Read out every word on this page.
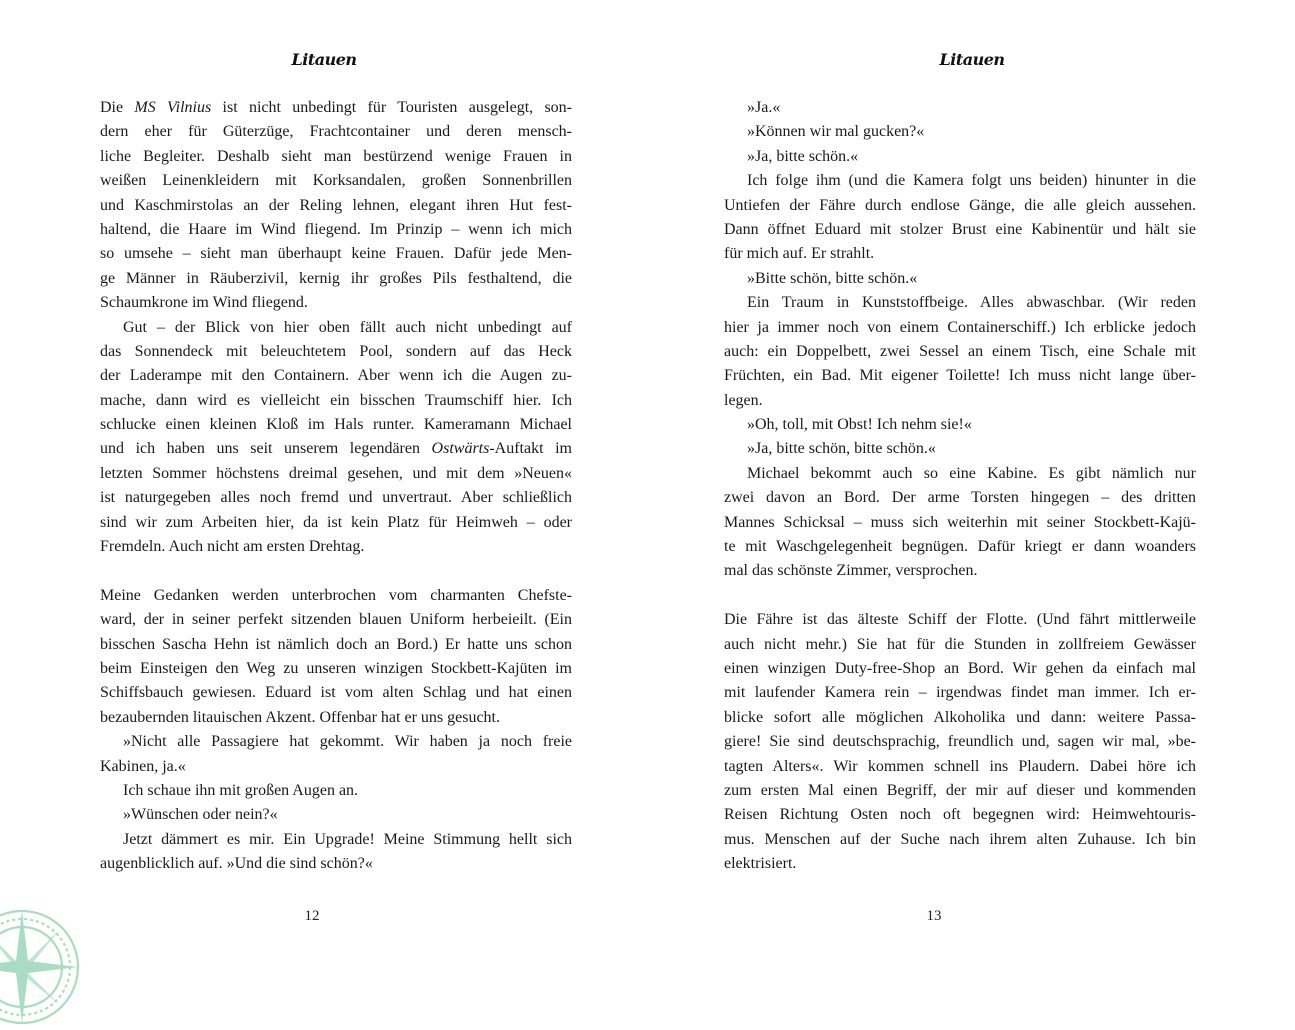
Litauen
Die MS Vilnius ist nicht unbedingt für Touristen ausgelegt, son-
dern eher für Güterzüge, Frachtcontainer und deren mensch-
liche Begleiter. Deshalb sieht man bestürzend wenige Frauen in
weißen Leinenkleidern mit Korksandalen, großen Sonnenbrillen
und Kaschmirstolas an der Reling lehnen, elegant ihren Hut fest-
haltend, die Haare im Wind fliegend. Im Prinzip – wenn ich mich
so umsehe – sieht man überhaupt keine Frauen. Dafür jede Men-
ge Männer in Räuberzivil, kernig ihr großes Pils festhaltend, die
Schaumkrone im Wind fliegend.
Gut – der Blick von hier oben fällt auch nicht unbedingt auf
das Sonnendeck mit beleuchtetem Pool, sondern auf das Heck
der Laderampe mit den Containern. Aber wenn ich die Augen zu-
mache, dann wird es vielleicht ein bisschen Traumschiff hier. Ich
schlucke einen kleinen Kloß im Hals runter. Kameramann Michael
und ich haben uns seit unserem legendären Ostwärts-Auftakt im
letzten Sommer höchstens dreimal gesehen, und mit dem »Neuen«
ist naturgegeben alles noch fremd und unvertraut. Aber schließlich
sind wir zum Arbeiten hier, da ist kein Platz für Heimweh – oder
Fremdeln. Auch nicht am ersten Drehtag.
Meine Gedanken werden unterbrochen vom charmanten Chefste-
ward, der in seiner perfekt sitzenden blauen Uniform herbeieilt. (Ein
bisschen Sascha Hehn ist nämlich doch an Bord.) Er hatte uns schon
beim Einsteigen den Weg zu unseren winzigen Stockbett-Kajüten im
Schiffsbauch gewiesen. Eduard ist vom alten Schlag und hat einen
bezaubernden litauischen Akzent. Offenbar hat er uns gesucht.
»Nicht alle Passagiere hat gekommt. Wir haben ja noch freie
Kabinen, ja.«
Ich schaue ihn mit großen Augen an.
»Wünschen oder nein?«
Jetzt dämmert es mir. Ein Upgrade! Meine Stimmung hellt sich
augenblicklich auf. »Und die sind schön?«
12
Litauen
»Ja.«
»Können wir mal gucken?«
»Ja, bitte schön.«
Ich folge ihm (und die Kamera folgt uns beiden) hinunter in die
Untiefen der Fähre durch endlose Gänge, die alle gleich aussehen.
Dann öffnet Eduard mit stolzer Brust eine Kabinentür und hält sie
für mich auf. Er strahlt.
»Bitte schön, bitte schön.«
Ein Traum in Kunststoffbeige. Alles abwaschbar. (Wir reden
hier ja immer noch von einem Containerschiff.) Ich erblicke jedoch
auch: ein Doppelbett, zwei Sessel an einem Tisch, eine Schale mit
Früchten, ein Bad. Mit eigener Toilette! Ich muss nicht lange über-
legen.
»Oh, toll, mit Obst! Ich nehm sie!«
»Ja, bitte schön, bitte schön.«
Michael bekommt auch so eine Kabine. Es gibt nämlich nur
zwei davon an Bord. Der arme Torsten hingegen – des dritten
Mannes Schicksal – muss sich weiterhin mit seiner Stockbett-Kajü-
te mit Waschgelegenheit begnügen. Dafür kriegt er dann woanders
mal das schönste Zimmer, versprochen.
Die Fähre ist das älteste Schiff der Flotte. (Und fährt mittlerweile
auch nicht mehr.) Sie hat für die Stunden in zollfreiem Gewässer
einen winzigen Duty-free-Shop an Bord. Wir gehen da einfach mal
mit laufender Kamera rein – irgendwas findet man immer. Ich er-
blicke sofort alle möglichen Alkoholika und dann: weitere Passa-
giere! Sie sind deutschsprachig, freundlich und, sagen wir mal, »be-
tagten Alters«. Wir kommen schnell ins Plaudern. Dabei höre ich
zum ersten Mal einen Begriff, der mir auf dieser und kommenden
Reisen Richtung Osten noch oft begegnen wird: Heimwehtouris-
mus. Menschen auf der Suche nach ihrem alten Zuhause. Ich bin
elektrisiert.
13
